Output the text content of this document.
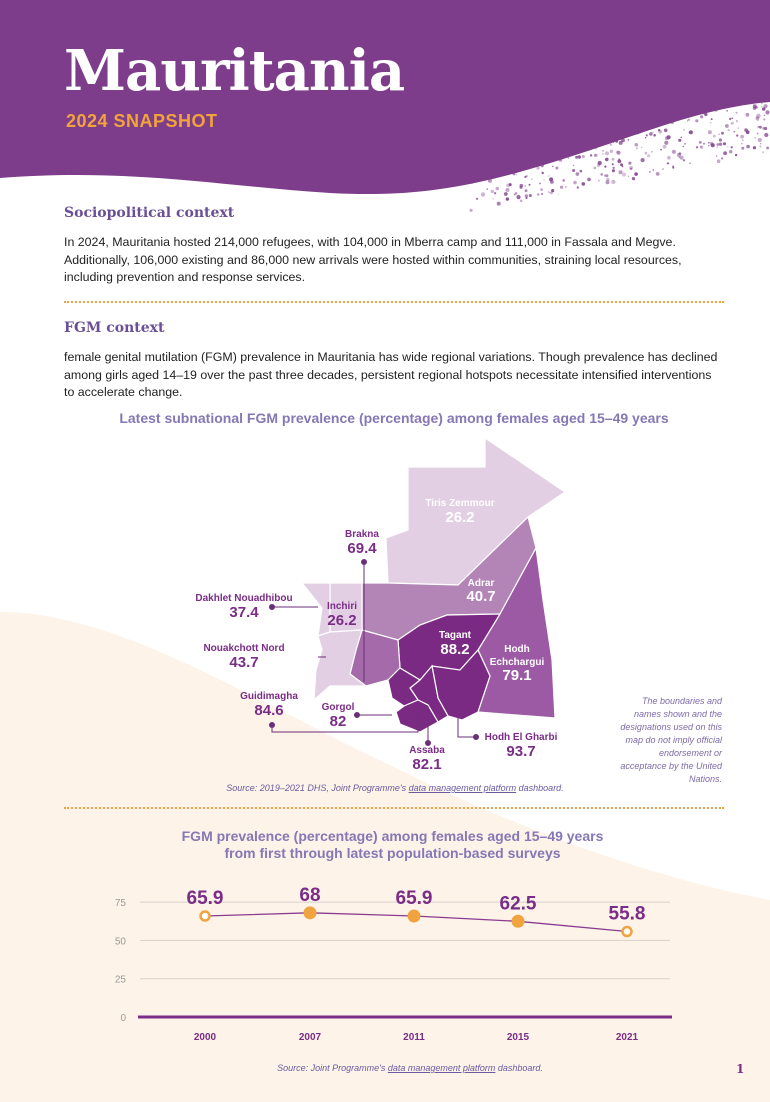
Mauritania
2024 SNAPSHOT
Sociopolitical context
In 2024, Mauritania hosted 214,000 refugees, with 104,000 in Mberra camp and 111,000 in Fassala and Megve. Additionally, 106,000 existing and 86,000 new arrivals were hosted within communities, straining local resources, including prevention and response services.
FGM context
female genital mutilation (FGM) prevalence in Mauritania has wide regional variations. Though prevalence has declined among girls aged 14–19 over the past three decades, persistent regional hotspots necessitate intensified interventions to accelerate change.
Latest subnational FGM prevalence (percentage) among females aged 15–49 years
Tiris Zemmour
26.2
Brakna
69.4
Adrar
40.7
Dakhlet Nouadhibou
37.4	Inchiri
26.2
Tagant
88.2	Hodh
Echchargui
79.1
Nouakchott Nord
43.7
Guidimagha
84.6	Gorgol
82
Assaba
82.1
Hodh El Gharbi
93.7
The boundaries and names shown and the designations used on this map do not imply official endorsement or acceptance by the United Nations.
Source: 2019–2021 DHS, Joint Programme's data management platform dashboard.
FGM prevalence (percentage) among females aged 15–49 years from first through latest population-based surveys
0
25
50
75	65.9
2000
68
2007
65.9
2011
62.5
2015
55.8
2021
Source: Joint Programme's data management platform dashboard.	1
